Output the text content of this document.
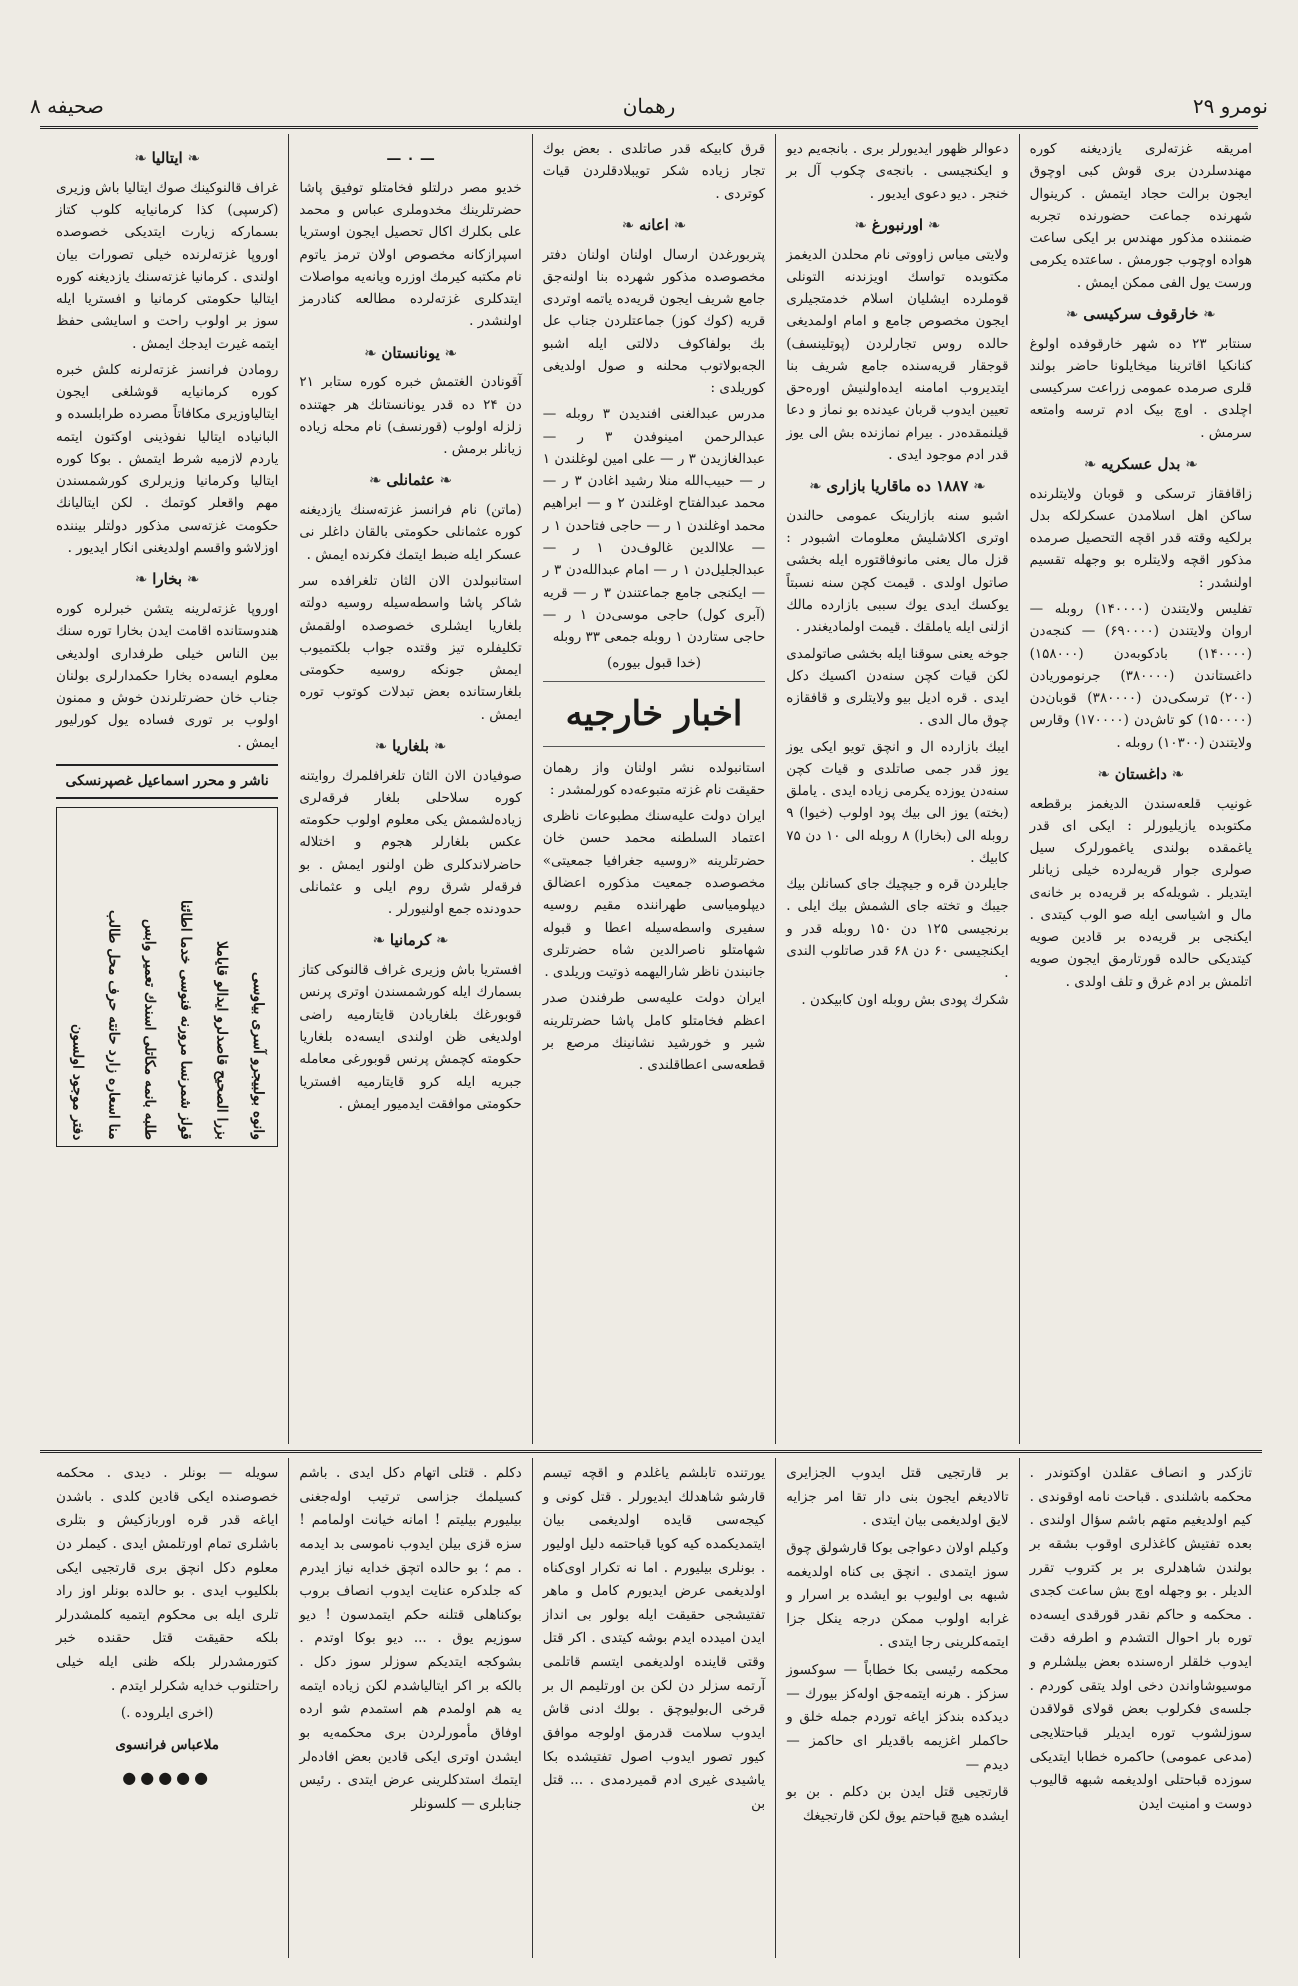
نومرو ۲۹
رهمان
صحیفه ۸

امریقه غزته‌لری یازدیغنه کوره مهندسلردن بری قوش کبی اوچوق ایجون برالت حجاد ایتمش . کرینوال شهرنده جماعت حضورنده تجربه ضمننده مذکور مهندس بر ایکی ساعت هواده اوچوب جورمش . ساعتده یکرمی ورست یول الفی ممکن ایمش .

❧ خارقوف سرکیسی ❧

سنتابر ۲۳ ده شهر خارقوفده اولوغ کنانکیا اقاترینا میخایلونا حاضر بولند قلری صرمده عمومی زراعت سرکیسی اچلدی . اوچ بیک ادم ترسه وامتعه سرمش .

❧ بدل عسکریه ❧

زاقافقاز ترسکی و قوبان ولایتلرنده ساکن اهل اسلامدن عسکرلکه بدل برلکیه وقته قدر اقچه التحصیل صرمده مذکور اقچه ولایتلره بو وجهله تقسیم اولنشدر :

تفلیس ولایتندن (۱۴۰۰۰۰) روبله — اروان ولایتندن (۶۹۰۰۰۰) — کنجه‌دن (۱۴۰۰۰۰) بادکوبه‌دن (۱۵۸۰۰۰) داغستاندن (۳۸۰۰۰۰) جرنوموریادن (۲۰۰) ترسکی‌دن (۳۸۰۰۰۰) قوبان‌دن (۱۵۰۰۰۰) کو تاش‌دن (۱۷۰۰۰۰) وقارس ولایتندن (۱۰۳۰۰) روبله .

❧ داغستان ❧

غونیب قلعه‌سندن الدیغمز برقطعه مکتوبده یازیلیورلر : ایکی ای قدر یاغمقده بولندی یاغمورلرک سیل صولری جوار قریه‌لرده خیلی زیانلر ایتدیلر . شویله‌که بر قریه‌ده بر خانه‌ی مال و اشیاسی ایله صو الوب کیتدی . ایکنجی بر قریه‌ده بر قادین صویه کیتدیکی حالده قورتارمق ایجون صویه اتلمش بر ادم غرق و تلف اولدی .

دعوالر ظهور ایدیورلر بری . بانجه‌یم دیو و ایکنجیسی . بانجه‌ی چکوب آل بر خنجر . دیو دعوی ایدیور .

❧ اورنبورغ ❧

ولایتی میاس زاووتی نام محلدن الدیغمز مکتوبده تواسك اویزندنه التونلی قوملرده ایشلیان اسلام خدمتجیلری ایجون مخصوص جامع و امام اولمدیغی حالده روس تجارلردن (پوتلینسف) قوجقار قریه‌سنده جامع شریف بنا ایتدیروب امامنه ایده‌اولنیش اوره‌حق تعیین ایدوب قربان عیدنده بو نماز و دعا قیلنمقده‌در . بیرام نمازنده بش الی یوز قدر ادم موجود ایدی .

❧ ۱۸۸۷ ده ماقاریا بازاری ❧

اشبو سنه بازارینک عمومی حالندن اوتری اکلاشلیش معلومات اشبودر : قزل مال یعنی مانوفاقتوره ایله بخشی صاتول اولدی . قیمت کچن سنه نسبتاً یوکسك ایدی یوك سببی بازارده مالك ازلنی ایله یاملقك . قیمت اولمادیغندر .

جوخه یعنی سوقنا ایله بخشی صاتولمدی لکن قیات کچن سنه‌دن اکسیك دکل ایدی . قره ادیل بیو ولایتلری و قافقازه چوق مال الدی .

ایبك بازارده ال و انچق تویو ایکی یوز یوز قدر جمی صاتلدی و قیات کچن سنه‌دن یوزده یکرمی زیاده ایدی . یاملق (بخته) یوز الی بیك پود اولوب (خیوا) ۹ روبله الی (بخارا) ۸ روبله الی ۱۰ دن ۷۵ کابیك .

جایلردن قره و جیچیك جای کسانلن بیك جیبك و تخته جای الشمش بیك ایلی . برنجیسی ۱۲۵ دن ۱۵۰ روبله قدر و ایکنجیسی ۶۰ دن ۶۸ قدر صاتلوب الندی .

شکرك پودی بش روبله اون کابیکدن .

قرق کابیکه قدر صاتلدی . بعض بوك تجار زیاده شکر تویبلادقلردن قیات کوتردی .

❧ اعانه ❧

پتربورغدن ارسال اولنان اولنان دفتر مخصوصده مذکور شهرده بنا اولنه‌جق جامع شریف ایجون قریه‌ده یاتمه اوتردی قریه (کوك کوز) جماعتلردن جناب عل بك بولفاکوف دلالتی ایله اشبو الجه‌بولاتوب محلنه و صول اولدیغی کوریلدی :

مدرس عبدالغنی افندیدن ۳ روبله — عبدالرحمن امینوفدن ۳ ر — عبدالغازیدن ۳ ر — علی امین لوغلندن ۱ ر — حبیب‌الله منلا رشید اغادن ۳ ر — محمد عبدالفتاح اوغلندن ۲ و — ابراهیم محمد اوغلندن ۱ ر — حاجی فتاحدن ۱ ر — علاالدین غالوف‌دن ۱ ر — عبدالجلیل‌دن ۱ ر — امام عبدالله‌دن ۳ ر — ایکنجی جامع جماعتندن ۳ ر — قریه (آبری کول) حاجی موسی‌دن ۱ ر — حاجی ستاردن ۱ روبله جمعی ۳۳ روبله

(خدا قبول بیوره)

اخبار خارجیه

استانبولده نشر اولنان واز رهمان حقیقت نام غزته متبوعه‌ده کورلمشدر :

ایران دولت علیه‌سنك مطبوعات ناظری اعتماد السلطنه محمد حسن خان حضرتلرینه «روسیه جغرافیا جمعیتی» مخصوصده جمعیت مذکوره اعضالق دیپلومیاسی طهراننده مقیم روسیه سفیری واسطه‌سیله اعطا و قبوله شهامتلو ناصرالدین شاه حضرتلری جانبندن ناظر شاراليهمه ذوتیت وریلدی .

ایران دولت علیه‌سی طرفندن صدر اعظم فخامتلو کامل پاشا حضرتلرینه شیر و خورشید نشانینك مرصع بر قطعه‌سی اعطاقلندی .

— ۰ —

خدیو مصر درلتلو فخامتلو توفیق پاشا حضرتلرینك مخدوملری عباس و محمد علی بکلرك اکال تحصیل ایجون اوستریا اسپرازکانه مخصوص اولان ترمز یاتوم نام مکتبه کیرمك اوزره ویانه‌یه مواصلات ایتدکلری غزته‌لرده مطالعه کنادرمز اولنشدر .

❧ یونانستان ❧

آقونادن الغتمش خبره کوره ستابر ۲۱ دن ۲۴ ده قدر یونانستانك هر جهتنده زلزله اولوب (قورنسف) نام محله زیاده زیانلر برمش .

❧ عثمانلی ❧

(ماتن) نام فرانسز غزته‌سنك یازدیغنه کوره عثمانلی حکومتی بالقان داغلر نی عسکر ایله ضبط ایتمك فکرنده ایمش .

استانبولدن الان الثان تلغرافده سر شاکر پاشا واسطه‌سیله روسیه دولته بلغاریا ایشلری خصوصده اولقمش تکلیفلره تیز وقتده جواب بلکتمیوب ایمش جونکه روسیه حکومتی بلغارستانده بعض تبدلات کوتوب توره ایمش .

❧ بلغاریا ❧

صوفیادن الان الثان تلغرافلمرك روایتنه کوره سلاحلی بلغار فرقه‌لری زیاده‌لشمش یکی معلوم اولوب حکومته عکس بلغارلر هجوم و اختلاله حاضرلاندکلری ظن اولنور ایمش . بو فرقه‌لر شرق روم ایلی و عثمانلی حدودنده جمع اولنیورلر .

❧ کرمانیا ❧

افستریا باش وزیری غراف قالنوکی کتاز بسمارك ایله کورشمسندن اوتری پرنس قوبورغك بلغاریادن قایتارمیه راضی اولدیغی ظن اولندی ایسه‌ده بلغاریا حکومته کچمش پرنس قوبورغی معامله جبریه ایله کرو قایتارمیه افستریا حکومتی موافقت ایدمیور ایمش .

❧ ایتالیا ❧

غراف قالنوکینك صوك ایتالیا باش وزیری (کرسپی) کذا کرمانیایه کلوب کتاز بسمارکه زیارت ایتدیکی خصوصده اوروپا غزته‌لرنده خیلی تصورات بیان اولندی . کرمانیا غزته‌سنك یازدیغنه کوره ایتالیا حکومتی کرمانیا و افستریا ایله سوز بر اولوب راحت و اسایشی حفظ ایتمه غیرت ایدجك ایمش .

رومادن فرانسز غزته‌لرنه کلش خبره کوره کرمانیایه قوشلغی ایجون ایتالیاوزیری مکافاتاً مصرده طرابلسده و البانیاده ایتالیا نفوذینی اوکتون ایتمه یاردم لازمیه شرط ایتمش . بوکا کوره ایتالیا وکرمانیا وزیرلری کورشمسندن مهم واقعلر کوتمك . لکن ایتالیانك حکومت غزته‌سی مذکور دولتلر بیننده اوزلاشو واقسم اولدیغنی انکار ایدیور .

❧ بخارا ❧

اوروپا غزته‌لرینه یتشن خبرلره کوره هندوستانده اقامت ایدن بخارا توره سنك بین الناس خیلی طرفداری اولدیغی معلوم ایسه‌ده بخارا حکمدارلری بولنان جناب خان حضرتلرندن خوش و ممنون اولوب بر توری فساده یول کورلیور ایمش .

ناشر و محرر اسماعیل غصپرنسکی
دفتر موجود اولسون منا اسعاره زارد حانته حرف محل طالب طلبه بانمه مکاتلی اسندك تعمیر وابس قولز شمرنسا مرورنه فنوسی خدما اطائنا بزرا الصحیح قاصدلرو ایدالو قایاملا وانوه بولبیجرو آسری بیاوسی

تازکدر و انصاف عقلدن اوکتوندر . محکمه باشلندی . قباحت نامه اوقوندی . کیم اولدیغیم متهم باشم سؤال اولندی . بعده تفتیش کاغذلری اوقوب بشقه بر بولندن شاهدلری بر بر کتروب تقرر الدیلر . بو وجهله اوچ بش ساعت کجدی . محکمه و حاکم نقدر قورقدی ایسه‌ده توره بار احوال التشدم و اطرفه دقت ایدوب خلقلر اره‌سنده بعض بیلشلرم و موسیوشاواندن دخی اولد یتقی کوردم . جلسه‌ی فکرلوب بعض قولای قولاقدن سوزلشوب توره ایدیلر قباحتلایجی (مدعی عمومی) حاکمره خطابا ایتدیکی سوزده قباحتلی اولدیغمه شبهه قالیوب دوست و امنیت ایدن

بر قارتجیی قتل ایدوب الجزایری تالادیغم ایجون بنی دار تقا امر جزایه لایق اولدیغمی بیان ایتدی .

وکیلم اولان دعواجی بوکا قارشولق چوق سوز ایتمدی . انچق بی کناه اولدیغمه شبهه بی اوليوب بو ایشده بر اسرار و غرابه اولوب ممکن درجه ینکل جزا ایتمه‌کلرینی رجا ایتدی .

محکمه رئیسی بکا خطاباً — سوکسوز سزکز . هرنه ایتمه‌جق اوله‌کز بیورك — دیدکده بندکز ایاغه توردم جمله خلق و حاکملر اغزیمه باقدیلر ای حاکمز — دیدم —

قارتجیی قتل ایدن بن دکلم . بن بو ایشده هیچ قباحتم یوق لکن قارتجیغك

یورتنده تابلشم یاغلدم و اقچه تیسم قارشو شاهدلك ایدیورلر . قتل کونی و کیجه‌سی قایده اولدیغمی بیان ایتمدیکمده کیه کویا قباحتمه دلیل اولیور . بونلری بیلیورم . اما نه تکرار اوی‌کناه اولدیغمی عرض ایدیورم کامل و ماهر تفتیشجی حقیقت ایله بولور بی انداز ایدن امیدده ایدم بوشه کیتدی . اکر قتل وقتی قاینده اولدیغمی ایتسم قاتلمی آرتمه سزلر دن لکن بن اورتلیمم ال بر قرخی ال‌بولیوچق . بولك ادنی قاش ایدوب سلامت قدرمق اولوجه موافق کیور تصور ایدوب اصول تفتیشده بکا یاشیدی غیری ادم قمیردمدی . ... قتل بن

دکلم . قتلی اتهام دکل ایدی . باشم کسیلمك جزاسی ترتیب اوله‌جغنی بیلیورم بیلیتم ! امانه خیانت اولمامم ! سزه قزی بیلن ایدوب ناموسی بد ایدمه . مم ؛ بو حالده اتچق خدایه نیاز ایدرم که جلدکره عنایت ایدوب انصاف بروب بوکناهلی قتلنه حکم ایتمدسون ! دیو سوزیم یوق . ... دیو بوکا اوتدم . بشوکجه ایتدیکم سوزلر سوز دکل . بالکه بر اکر ایتالیاشدم لکن زیاده ایتمه یه هم اولمدم هم استمدم شو ارده اوفاق مأمورلردن بری محکمه‌یه بو ایشدن اوتری ایکی قادین بعض افاده‌لر ایتمك استدکلرینی عرض ایتدی . رئیس جنابلری — کلسونلر

سویله — بونلر . دیدی . محکمه خصوصنده ایکی قادین کلدی . باشدن ایاغه قدر قره اوربازکیش و بتلری باشلری تمام اورتلمش ایدی . کیملر دن معلوم دکل انچق بری قارتجیی ایکی بلکلیوب ایدی . بو حالده بونلر اوز راد تلری ایله بی محکوم ایتمیه کلمشدرلر بلکه حقیقت قتل حقنده خبر کتورمشدرلر بلکه ظنی ایله خیلی راحتلنوب خدایه شکرلر ایتدم .

(اخری ایلروده .)

ملاعباس فرانسوی
●●●●●
